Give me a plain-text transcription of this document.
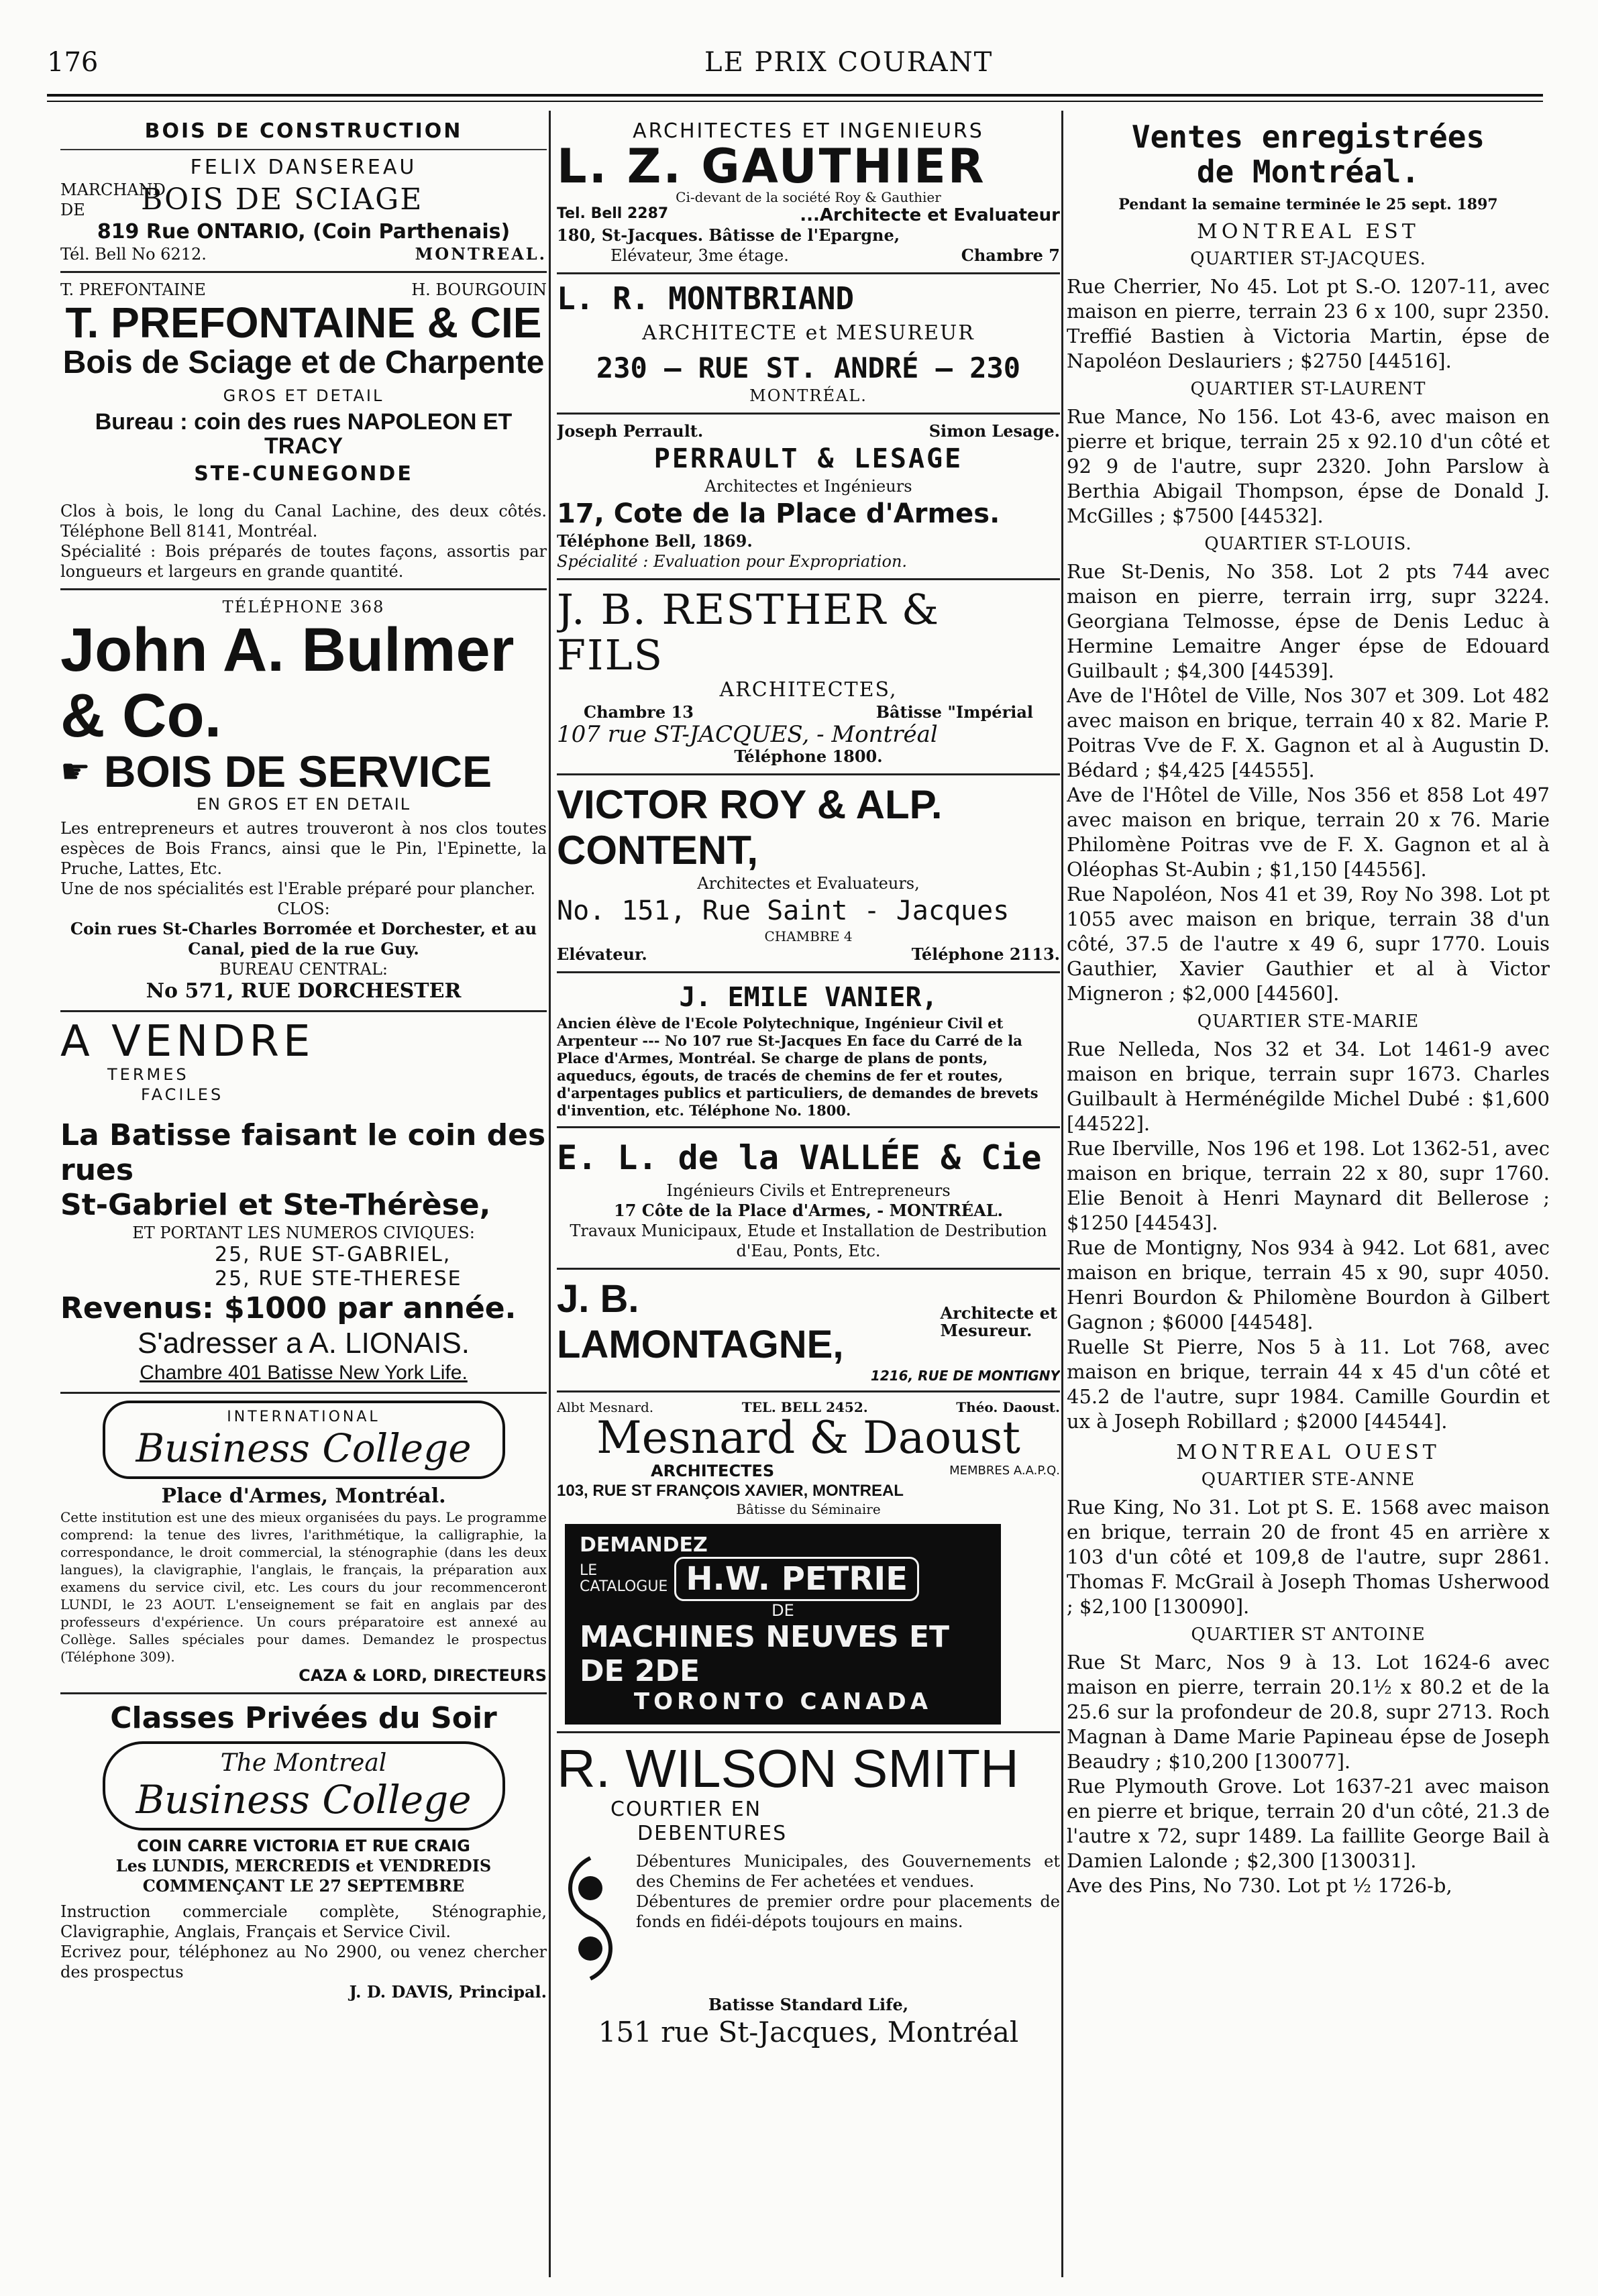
176	LE PRIX COURANT
BOIS DE CONSTRUCTION
FELIX DANSEREAU
MARCHAND DE	BOIS DE SCIAGE
819 Rue ONTARIO, (Coin Parthenais)
Tél. Bell No 6212.	MONTREAL.
T. PREFONTAINE	H. BOURGOUIN
T. PREFONTAINE & CIE
Bois de Sciage et de Charpente
GROS ET DETAIL
Bureau : coin des rues NAPOLEON ET TRACY
STE-CUNEGONDE
Clos à bois, le long du Canal Lachine, des deux côtés. Téléphone Bell 8141, Montréal.
Spécialité : Bois préparés de toutes façons, assortis par longueurs et largeurs en grande quantité.
TÉLÉPHONE 368
John A. Bulmer & Co.
☛ BOIS DE SERVICE
EN GROS ET EN DETAIL
Les entrepreneurs et autres trouveront à nos clos toutes espèces de Bois Francs, ainsi que le Pin, l'Epinette, la Pruche, Lattes, Etc.
Une de nos spécialités est l'Erable préparé pour plancher.
CLOS:
Coin rues St-Charles Borromée et Dorchester, et au Canal, pied de la rue Guy.
BUREAU CENTRAL:
No 571, RUE DORCHESTER
A VENDRE
TERMES
FACILES
La Batisse faisant le coin des rues
St-Gabriel et Ste-Thérèse,
ET PORTANT LES NUMEROS CIVIQUES:
25, RUE ST-GABRIEL,
25, RUE STE-THERESE
Revenus: $1000 par année.
S'adresser a A. LIONAIS.
Chambre 401 Batisse New York Life.
INTERNATIONAL
Business College
Place d'Armes, Montréal.
Cette institution est une des mieux organisées du pays. Le programme comprend: la tenue des livres, l'arithmétique, la calligraphie, la correspondance, le droit commercial, la sténographie (dans les deux langues), la clavigraphie, l'anglais, le français, la préparation aux examens du service civil, etc. Les cours du jour recommenceront LUNDI, le 23 AOUT. L'enseignement se fait en anglais par des professeurs d'expérience. Un cours préparatoire est annexé au Collège. Salles spéciales pour dames. Demandez le prospectus (Téléphone 309).
CAZA & LORD, DIRECTEURS
Classes Privées du Soir
The Montreal
Business College
COIN CARRE VICTORIA ET RUE CRAIG
Les LUNDIS, MERCREDIS et VENDREDIS
COMMENÇANT LE 27 SEPTEMBRE
Instruction commerciale complète, Sténographie, Clavigraphie, Anglais, Français et Service Civil.
Ecrivez pour, téléphonez au No 2900, ou venez chercher des prospectus
J. D. DAVIS, Principal.
ARCHITECTES ET INGENIEURS
L. Z. GAUTHIER
Ci-devant de la société Roy & Gauthier
Tel. Bell 2287	...Architecte et Evaluateur
180, St-Jacques. Bâtisse de l'Epargne,
Elévateur, 3me étage.	Chambre 7
L. R. MONTBRIAND
ARCHITECTE et MESUREUR
230 – RUE ST. ANDRÉ – 230
MONTRÉAL.
Joseph Perrault.	Simon Lesage.
PERRAULT & LESAGE
Architectes et Ingénieurs
17, Cote de la Place d'Armes.
Téléphone Bell, 1869.
Spécialité : Evaluation pour Expropriation.
J. B. RESTHER & FILS
ARCHITECTES,
Chambre 13	Bâtisse "Impérial
107 rue ST-JACQUES, - Montréal
Téléphone 1800.
VICTOR ROY & ALP. CONTENT,
Architectes et Evaluateurs,
No. 151, Rue Saint - Jacques
CHAMBRE 4
Elévateur.	Téléphone 2113.
J. EMILE VANIER,
Ancien élève de l'Ecole Polytechnique, Ingénieur Civil et Arpenteur --- No 107 rue St-Jacques En face du Carré de la Place d'Armes, Montréal. Se charge de plans de ponts, aqueducs, égouts, de tracés de chemins de fer et routes, d'arpentages publics et particuliers, de demandes de brevets d'invention, etc. Téléphone No. 1800.
E. L. de la VALLÉE & Cie
Ingénieurs Civils et Entrepreneurs
17 Côte de la Place d'Armes, - MONTRÉAL.
Travaux Municipaux, Etude et Installation de Destribution d'Eau, Ponts, Etc.
J. B. LAMONTAGNE,
Architecte et Mesureur.
1216, RUE DE MONTIGNY
Albt Mesnard.	TEL. BELL 2452.	Théo. Daoust.
Mesnard & Daoust
ARCHITECTES	MEMBRES A.A.P.Q.
103, RUE ST FRANÇOIS XAVIER, MONTREAL
Bâtisse du Séminaire
DEMANDEZ
LE
CATALOGUE H.W. PETRIE
DE
MACHINES NEUVES ET DE 2DE
TORONTO CANADA
R. WILSON SMITH
COURTIER EN
DEBENTURES
Débentures Municipales, des Gouvernements et des Chemins de Fer achetées et vendues.
Débentures de premier ordre pour placements de fonds en fidéi-dépots toujours en mains.
Batisse Standard Life,
151 rue St-Jacques, Montréal
Ventes enregistrées
de Montréal.
Pendant la semaine terminée le 25 sept. 1897
MONTREAL EST
QUARTIER ST-JACQUES.

Rue Cherrier, No 45. Lot pt S.-O. 1207-11, avec maison en pierre, terrain 23 6 x 100, supr 2350. Treffié Bastien à Victoria Martin, épse de Napoléon Deslauriers ; $2750 [44516].

QUARTIER ST-LAURENT

Rue Mance, No 156. Lot 43-6, avec maison en pierre et brique, terrain 25 x 92.10 d'un côté et 92 9 de l'autre, supr 2320. John Parslow à Berthia Abigail Thompson, épse de Donald J. McGilles ; $7500 [44532].

QUARTIER ST-LOUIS.

Rue St-Denis, No 358. Lot 2 pts 744 avec maison en pierre, terrain irrg, supr 3224. Georgiana Telmosse, épse de Denis Leduc à Hermine Lemaitre Anger épse de Edouard Guilbault ; $4,300 [44539].

Ave de l'Hôtel de Ville, Nos 307 et 309. Lot 482 avec maison en brique, terrain 40 x 82. Marie P. Poitras Vve de F. X. Gagnon et al à Augustin D. Bédard ; $4,425 [44555].

Ave de l'Hôtel de Ville, Nos 356 et 858 Lot 497 avec maison en brique, terrain 20 x 76. Marie Philomène Poitras vve de F. X. Gagnon et al à Oléophas St-Aubin ; $1,150 [44556].

Rue Napoléon, Nos 41 et 39, Roy No 398. Lot pt 1055 avec maison en brique, terrain 38 d'un côté, 37.5 de l'autre x 49 6, supr 1770. Louis Gauthier, Xavier Gauthier et al à Victor Migneron ; $2,000 [44560].

QUARTIER STE-MARIE

Rue Nelleda, Nos 32 et 34. Lot 1461-9 avec maison en brique, terrain supr 1673. Charles Guilbault à Herménégilde Michel Dubé : $1,600 [44522].

Rue Iberville, Nos 196 et 198. Lot 1362-51, avec maison en brique, terrain 22 x 80, supr 1760. Elie Benoit à Henri Maynard dit Bellerose ; $1250 [44543].

Rue de Montigny, Nos 934 à 942. Lot 681, avec maison en brique, terrain 45 x 90, supr 4050. Henri Bourdon & Philomène Bourdon à Gilbert Gagnon ; $6000 [44548].

Ruelle St Pierre, Nos 5 à 11. Lot 768, avec maison en brique, terrain 44 x 45 d'un côté et 45.2 de l'autre, supr 1984. Camille Gourdin et ux à Joseph Robillard ; $2000 [44544].

MONTREAL OUEST
QUARTIER STE-ANNE

Rue King, No 31. Lot pt S. E. 1568 avec maison en brique, terrain 20 de front 45 en arrière x 103 d'un côté et 109,8 de l'autre, supr 2861. Thomas F. McGrail à Joseph Thomas Usherwood ; $2,100 [130090].

QUARTIER ST ANTOINE

Rue St Marc, Nos 9 à 13. Lot 1624-6 avec maison en pierre, terrain 20.1½ x 80.2 et de la 25.6 sur la profondeur de 20.8, supr 2713. Roch Magnan à Dame Marie Papineau épse de Joseph Beaudry ; $10,200 [130077].

Rue Plymouth Grove. Lot 1637-21 avec maison en pierre et brique, terrain 20 d'un côté, 21.3 de l'autre x 72, supr 1489. La faillite George Bail à Damien Lalonde ; $2,300 [130031].

Ave des Pins, No 730. Lot pt ½ 1726-b,
